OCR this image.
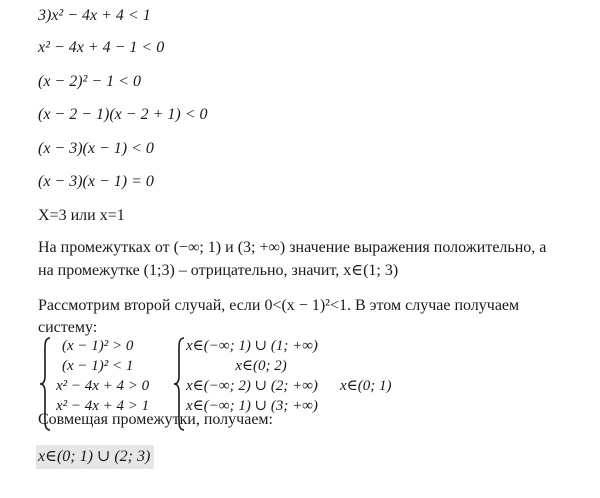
3)x² − 4x + 4 < 1
x² − 4x + 4 − 1 < 0
(x − 2)² − 1 < 0
(x − 2 − 1)(x − 2 + 1) < 0
(x − 3)(x − 1) < 0
(x − 3)(x − 1) = 0
X=3 или x=1
На промежутках от (−∞; 1) и (3; +∞) значение выражения положительно, а
на промежутке (1;3) – отрицательно, значит, x∈(1; 3)
Рассмотрим второй случай, если 0<(x − 1)²<1. В этом случае получаем
систему:
(x − 1)² > 0
(x − 1)² < 1
x² − 4x + 4 > 0
x² − 4x + 4 > 1
x∈(−∞; 1) ∪ (1; +∞)
x∈(0; 2)
x∈(−∞; 2) ∪ (2; +∞)
x∈(−∞; 1) ∪ (3; +∞)
x∈(0; 1)
Совмещая промежутки, получаем:
x∈(0; 1) ∪ (2; 3)
